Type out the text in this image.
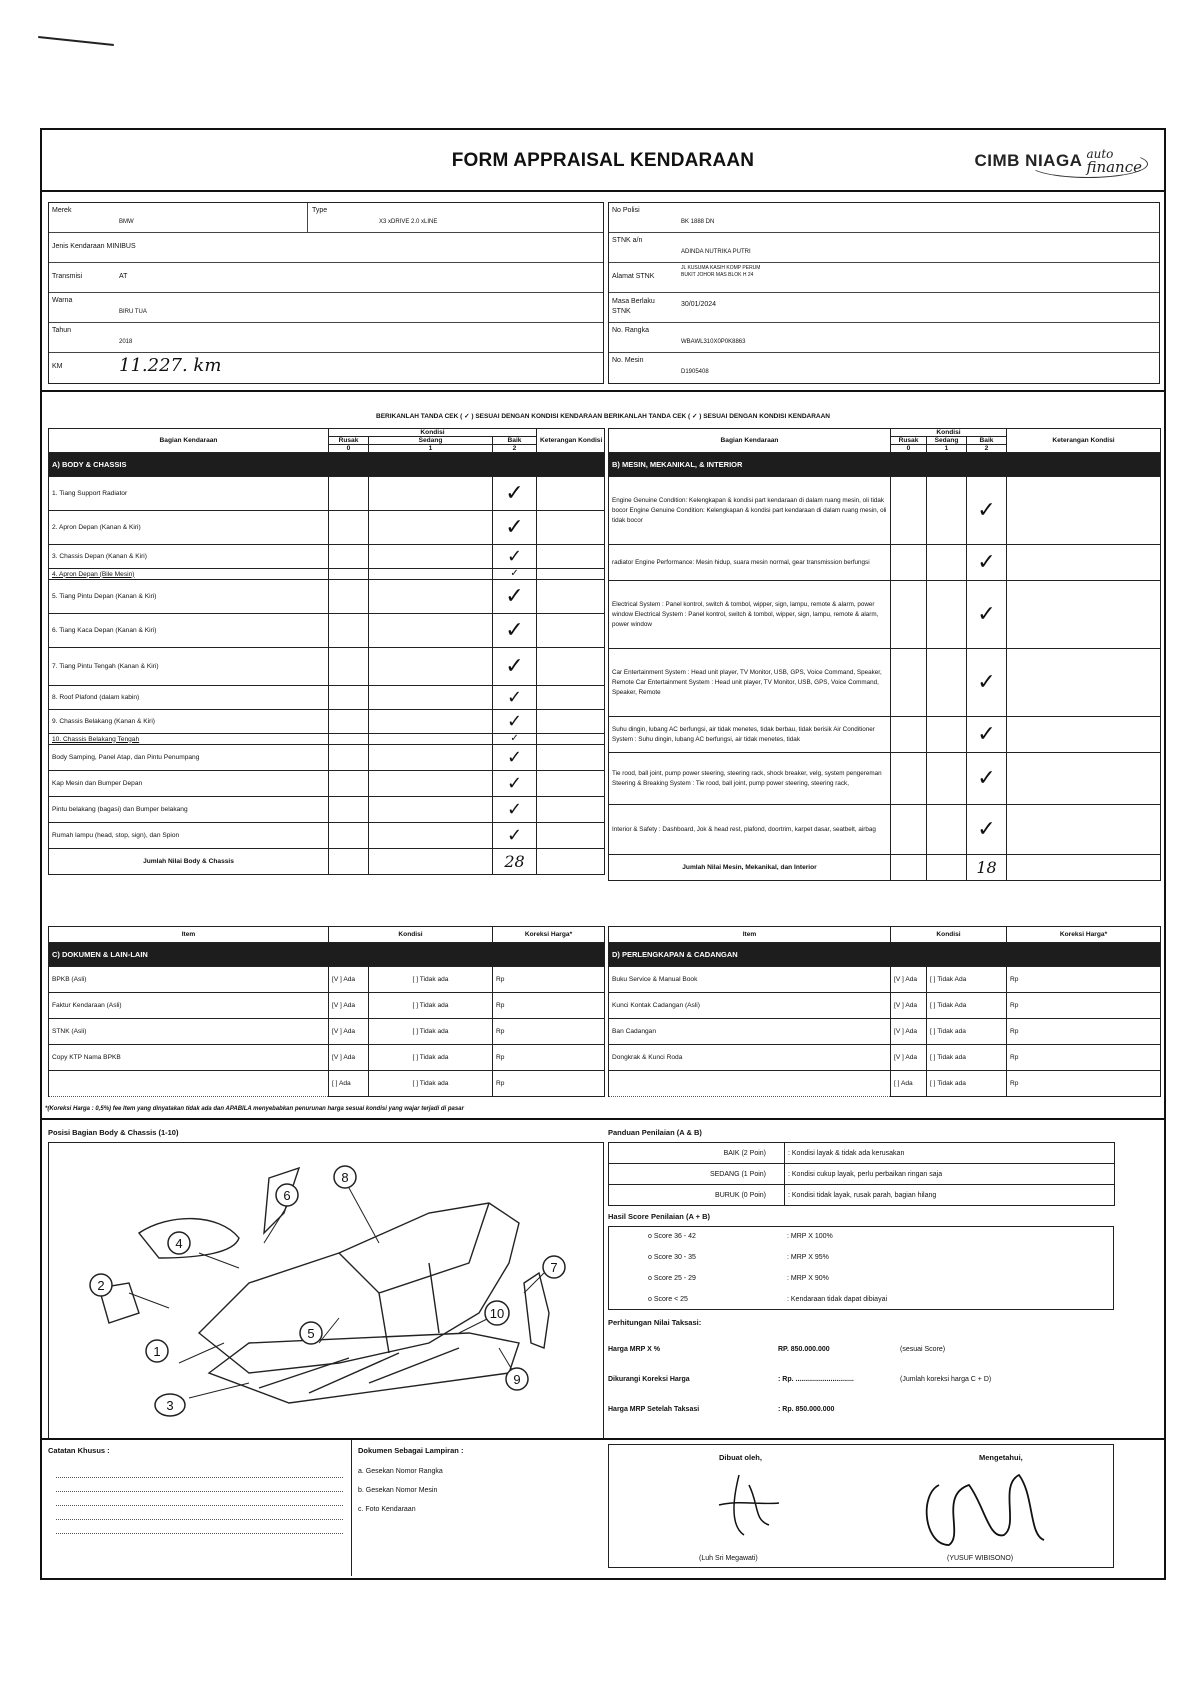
FORM APPRAISAL KENDARAAN	CIMB NIAGA auto
finance
Merek
BMW
Type
X3 xDRIVE 2.0 xLINE
Jenis Kendaraan MINIBUS
Transmisi	AT
Warna
BIRU TUA
Tahun
2018
KM	11.227. km
No Polisi
BK 1888 DN
STNK a/n
ADINDA NUTRIKA PUTRI
Alamat STNK
JL KUSUMA KASIH KOMP PERUM BUKIT JOHOR MAS BLOK H 24
Masa Berlaku STNK
30/01/2024
No. Rangka
WBAWL310X0P0K8863
No. Mesin
D1905408
BERIKANLAH TANDA CEK ( ✓ ) SESUAI DENGAN KONDISI KENDARAAN BERIKANLAH TANDA CEK ( ✓ ) SESUAI DENGAN KONDISI KENDARAAN
Bagian Kendaraan	Kondisi			Keterangan Kondisi
	Rusak	Sedang	Baik	
	0	1	2	
A) BODY & CHASSIS				
1. Tiang Support Radiator			✓	
2. Apron Depan (Kanan & Kiri)			✓	
3. Chassis Depan (Kanan & Kiri)			✓	
4. Apron Depan (Bile Mesin)			✓	
5. Tiang Pintu Depan (Kanan & Kiri)			✓	
6. Tiang Kaca Depan (Kanan & Kiri)			✓	
7. Tiang Pintu Tengah (Kanan & Kiri)			✓	
8. Roof Plafond (dalam kabin)			✓	
9. Chassis Belakang (Kanan & Kiri)			✓	
10. Chassis Belakang Tengah			✓	
Body Samping, Panel Atap, dan Pintu Penumpang			✓	
Kap Mesin dan Bumper Depan			✓	
Pintu belakang (bagasi) dan Bumper belakang			✓	
Rumah lampu (head, stop, sign), dan Spion			✓	
Jumlah Nilai Body & Chassis			28	
Bagian Kendaraan	Kondisi			Keterangan Kondisi
	Rusak	Sedang	Baik	
	0	1	2	
B) MESIN, MEKANIKAL, & INTERIOR				
Engine Genuine Condition: Kelengkapan & kondisi part kendaraan di dalam ruang mesin, oli tidak bocor Engine Genuine Condition: Kelengkapan & kondisi part kendaraan di dalam ruang mesin, oli tidak bocor			✓	
radiator Engine Performance: Mesin hidup, suara mesin normal, gear transmission berfungsi			✓	
Electrical System : Panel kontrol, switch & tombol, wipper, sign, lampu, remote & alarm, power window Electrical System : Panel kontrol, switch & tombol, wipper, sign, lampu, remote & alarm, power window			✓	
Car Entertainment System : Head unit player, TV Monitor, USB, GPS, Voice Command, Speaker, Remote Car Entertainment System : Head unit player, TV Monitor, USB, GPS, Voice Command, Speaker, Remote			✓	
Suhu dingin, lubang AC berfungsi, air tidak menetes, tidak berbau, tidak berisik Air Conditioner System : Suhu dingin, lubang AC berfungsi, air tidak menetes, tidak			✓	
Tie rood, ball joint, pump power steering, steering rack, shock breaker, velg, system pengereman Steering & Breaking System : Tie rood, ball joint, pump power steering, steering rack,			✓	
Interior & Safety : Dashboard, Jok & head rest, plafond, doortrim, karpet dasar, seatbelt, airbag			✓	
Jumlah Nilai Mesin, Mekanikal, dan Interior			18	
Item	Kondisi		Koreksi Harga*
C) DOKUMEN & LAIN-LAIN			
BPKB (Asli)	[V ] Ada	[ ] Tidak ada	Rp
Faktur Kendaraan (Asli)	[V ] Ada	[ ] Tidak ada	Rp
STNK (Asli)	[V ] Ada	[ ] Tidak ada	Rp
Copy KTP Nama BPKB	[V ] Ada	[ ] Tidak ada	Rp
	[ ] Ada	[ ] Tidak ada	Rp
Item	Kondisi		Koreksi Harga*
D) PERLENGKAPAN & CADANGAN			
Buku Service & Manual Book	[V ] Ada	[ ] Tidak Ada	Rp
Kunci Kontak Cadangan (Asli)	[V ] Ada	[ ] Tidak Ada	Rp
Ban Cadangan	[V ] Ada	[ ] Tidak ada	Rp
Dongkrak & Kunci Roda	[V ] Ada	[ ] Tidak ada	Rp
	[ ] Ada	[ ] Tidak ada	Rp
*(Koreksi Harga : 0,5%) fee Item yang dinyatakan tidak ada dan APABILA menyebabkan penurunan harga sesuai kondisi yang wajar terjadi di pasar
Posisi Bagian Body & Chassis (1-10)
1
2
3
4
5
6
7
8
9
10
Panduan Penilaian (A & B)
BAIK (2 Poin)	: Kondisi layak & tidak ada kerusakan
SEDANG (1 Poin)	: Kondisi cukup layak, perlu perbaikan ringan saja
BURUK (0 Poin)	: Kondisi tidak layak, rusak parah, bagian hilang
Hasil Score Penilaian (A + B)
o Score 36 - 42	: MRP X 100%
o Score 30 - 35	: MRP X 95%
o Score 25 - 29	: MRP X 90%
o Score < 25	: Kendaraan tidak dapat dibiayai
Perhitungan Nilai Taksasi:
Harga MRP X %	RP. 850.000.000	(sesuai Score)
Dikurangi Koreksi Harga	: Rp. ..............................	(Jumlah koreksi harga C + D)
Harga MRP Setelah Taksasi	: Rp. 850.000.000
Catatan Khusus :	Dokumen Sebagai Lampiran :
a. Gesekan Nomor Rangka
b. Gesekan Nomor Mesin
c. Foto Kendaraan
Dibuat oleh,
(Luh Sri Megawati)
Mengetahui,
(YUSUF WIBISONO)
